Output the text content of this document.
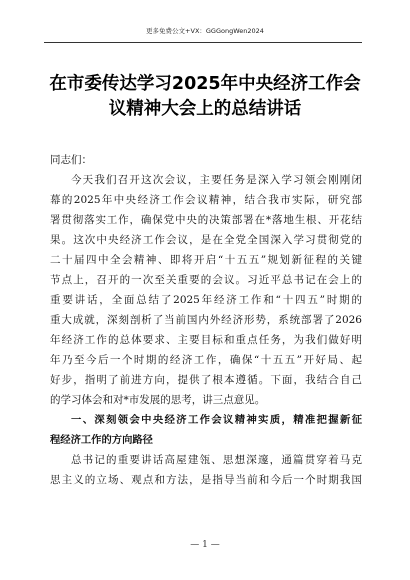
更多免费公文+VX：GGGongWen2024
在市委传达学习2025年中央经济工作会
议精神大会上的总结讲话
同志们：
今天我们召开这次会议，主要任务是深入学习领会刚刚闭
幕的2025年中央经济工作会议精神，结合我市实际，研究部
署贯彻落实工作，确保党中央的决策部署在*落地生根、开花结
果。这次中央经济工作会议，是在全党全国深入学习贯彻党的
二十届四中全会精神、即将开启“十五五”规划新征程的关键
节点上，召开的一次至关重要的会议。习近平总书记在会上的
重要讲话，全面总结了2025年经济工作和“十四五”时期的
重大成就，深刻剖析了当前国内外经济形势，系统部署了2026
年经济工作的总体要求、主要目标和重点任务，为我们做好明
年乃至今后一个时期的经济工作，确保“十五五”开好局、起
好步，指明了前进方向，提供了根本遵循。下面，我结合自己
的学习体会和对*市发展的思考，讲三点意见。
一、深刻领会中央经济工作会议精神实质，精准把握新征
程经济工作的方向路径
总书记的重要讲话高屋建瓴、思想深邃，通篇贯穿着马克
思主义的立场、观点和方法，是指导当前和今后一个时期我国
— 1 —
